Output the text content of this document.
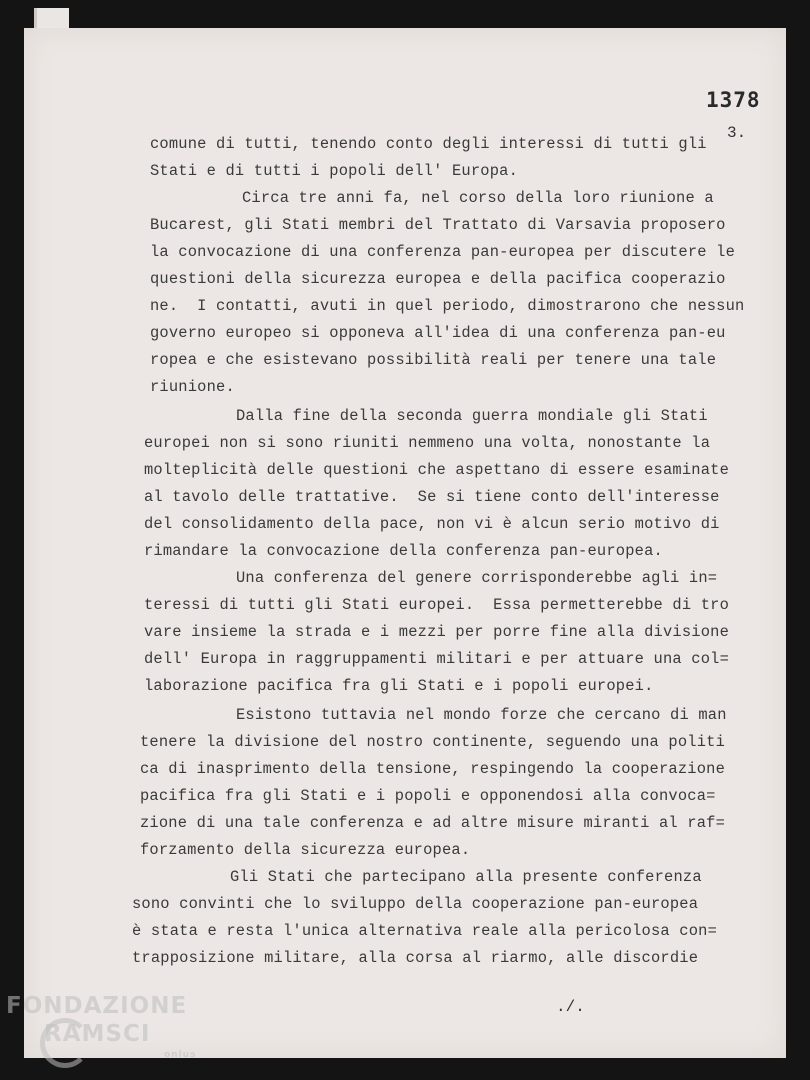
1378
3.
comune di tutti, tenendo conto degli interessi di tutti gli
Stati e di tutti i popoli dell' Europa.
Circa tre anni fa, nel corso della loro riunione a
Bucarest, gli Stati membri del Trattato di Varsavia proposero
la convocazione di una conferenza pan-europea per discutere le
questioni della sicurezza europea e della pacifica cooperazio
ne.  I contatti, avuti in quel periodo, dimostrarono che nessun
governo europeo si opponeva all'idea di una conferenza pan-eu
ropea e che esistevano possibilità reali per tenere una tale
riunione.
Dalla fine della seconda guerra mondiale gli Stati
europei non si sono riuniti nemmeno una volta, nonostante la
molteplicità delle questioni che aspettano di essere esaminate
al tavolo delle trattative.  Se si tiene conto dell'interesse
del consolidamento della pace, non vi è alcun serio motivo di
rimandare la convocazione della conferenza pan-europea.
Una conferenza del genere corrisponderebbe agli in=
teressi di tutti gli Stati europei.  Essa permetterebbe di tro
vare insieme la strada e i mezzi per porre fine alla divisione
dell' Europa in raggruppamenti militari e per attuare una col=
laborazione pacifica fra gli Stati e i popoli europei.
Esistono tuttavia nel mondo forze che cercano di man
tenere la divisione del nostro continente, seguendo una politi
ca di inasprimento della tensione, respingendo la cooperazione
pacifica fra gli Stati e i popoli e opponendosi alla convoca=
zione di una tale conferenza e ad altre misure miranti al raf=
forzamento della sicurezza europea.
Gli Stati che partecipano alla presente conferenza
sono convinti che lo sviluppo della cooperazione pan-europea
è stata e resta l'unica alternativa reale alla pericolosa con=
trapposizione militare, alla corsa al riarmo, alle discordie
./.
FONDAZIONE
RAMSCI
onlus
